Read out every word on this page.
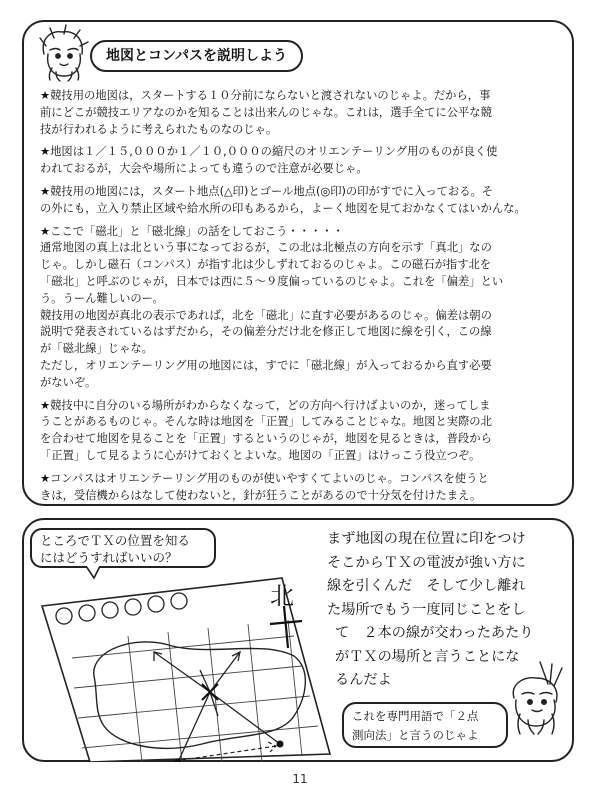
地図とコンパスを説明しよう

★競技用の地図は，スタートする１０分前にならないと渡されないのじゃよ。だから，事
前にどこが競技エリアなのかを知ることは出来んのじゃな。これは，選手全てに公平な競
技が行われるように考えられたものなのじゃ。

★地図は１／１５,０００か１／１０,０００の縮尺のオリエンテーリング用のものが良く使
われておるが，大会や場所によっても違うので注意が必要じゃ。

★競技用の地図には，スタート地点(△印)とゴール地点(◎印)の印がすでに入っておる。そ
の外にも，立入り禁止区域や給水所の印もあるから，よーく地図を見ておかなくてはいかんな。

★ここで「磁北」と「磁北線」の話をしておこう・・・・・
通常地図の真上は北という事になっておるが，この北は北極点の方向を示す「真北」なの
じゃ。しかし磁石（コンパス）が指す北は少しずれておるのじゃよ。この磁石が指す北を
「磁北」と呼ぶのじゃが，日本では西に５～９度偏っているのじゃよ。これを「偏差」とい
う。うーん難しいのー。
競技用の地図が真北の表示であれば，北を「磁北」に直す必要があるのじゃ。偏差は朝の
説明で発表されているはずだから，その偏差分だけ北を修正して地図に線を引く，この線
が「磁北線」じゃな。
ただし，オリエンテーリング用の地図には，すでに「磁北線」が入っておるから直す必要
がないぞ。

★競技中に自分のいる場所がわからなくなって，どの方向へ行けばよいのか，迷ってしま
うことがあるものじゃ。そんな時は地図を「正置」してみることじゃな。地図と実際の北
を合わせて地図を見ることを「正置」するというのじゃが，地図を見るときは，普段から
「正置」して見るように心がけておくとよいな。地図の「正置」はけっこう役立つぞ。

★コンパスはオリエンテーリング用のものが使いやすくてよいのじゃ。コンパスを使うと
きは，受信機からはなして使わないと，針が狂うことがあるので十分気を付けたまえ。

ところでＴＸの位置を知る
にはどうすればいいの？
北
まず地図の現在位置に印をつけ
そこからＴＸの電波が強い方に
線を引くんだ　そして少し離れ
た場所でもう一度同じことをし
て　２本の線が交わったあたり
がＴＸの場所と言うことにな
るんだよ
これを専門用語で「２点
測向法」と言うのじゃよ
11
